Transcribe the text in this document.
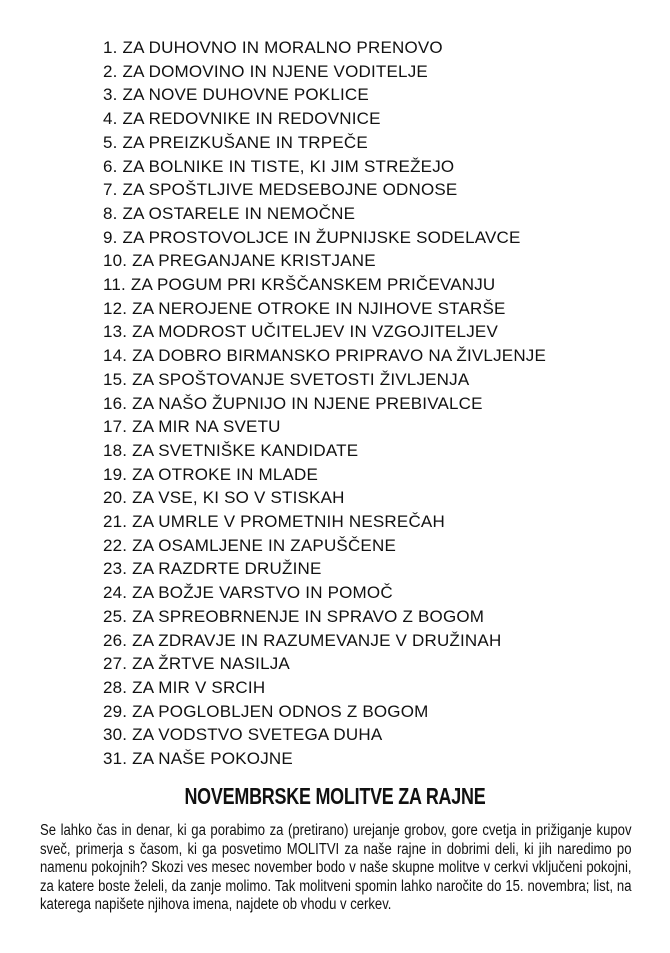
1. ZA DUHOVNO IN MORALNO PRENOVO
2. ZA DOMOVINO IN NJENE VODITELJE
3. ZA NOVE DUHOVNE POKLICE
4. ZA REDOVNIKE IN REDOVNICE
5. ZA PREIZKUŠANE IN TRPEČE
6. ZA BOLNIKE IN TISTE, KI JIM STREŽEJO
7. ZA SPOŠTLJIVE MEDSEBOJNE ODNOSE
8. ZA OSTARELE IN NEMOČNE
9. ZA PROSTOVOLJCE IN ŽUPNIJSKE SODELAVCE
10. ZA PREGANJANE KRISTJANE
11. ZA POGUM PRI KRŠČANSKEM PRIČEVANJU
12. ZA NEROJENE OTROKE IN NJIHOVE STARŠE
13. ZA MODROST UČITELJEV IN VZGOJITELJEV
14. ZA DOBRO BIRMANSKO PRIPRAVO NA ŽIVLJENJE
15. ZA SPOŠTOVANJE SVETOSTI ŽIVLJENJA
16. ZA NAŠO ŽUPNIJO IN NJENE PREBIVALCE
17. ZA MIR NA SVETU
18. ZA SVETNIŠKE KANDIDATE
19. ZA OTROKE IN MLADE
20. ZA VSE, KI SO V STISKAH
21. ZA UMRLE V PROMETNIH NESREČAH
22. ZA OSAMLJENE IN ZAPUŠČENE
23. ZA RAZDRTE DRUŽINE
24. ZA BOŽJE VARSTVO IN POMOČ
25. ZA SPREOBRNENJE IN SPRAVO Z BOGOM
26. ZA ZDRAVJE IN RAZUMEVANJE V DRUŽINAH
27. ZA ŽRTVE NASILJA
28. ZA MIR V SRCIH
29. ZA POGLOBLJEN ODNOS Z BOGOM
30. ZA VODSTVO SVETEGA DUHA
31. ZA NAŠE POKOJNE
NOVEMBRSKE MOLITVE ZA RAJNE
Se lahko čas in denar, ki ga porabimo za (pretirano) urejanje grobov, gore cvetja in prižiganje kupov sveč, primerja s časom, ki ga posvetimo MOLITVI za naše rajne in dobrimi deli, ki jih naredimo po namenu pokojnih? Skozi ves mesec november bodo v naše skupne molitve v cerkvi vključeni pokojni, za katere boste želeli, da zanje molimo. Tak molitveni spomin lahko naročite do 15. novembra; list, na katerega napišete njihova imena, najdete ob vhodu v cerkev.
